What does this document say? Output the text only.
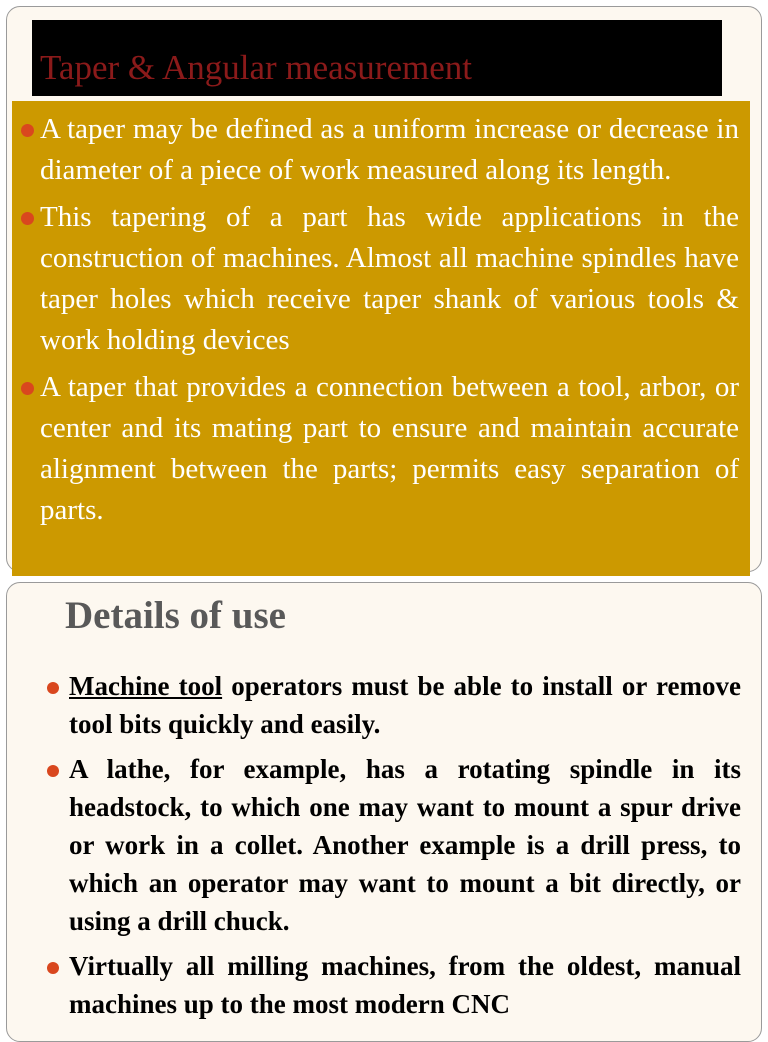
Taper & Angular measurement
A taper may be defined as a uniform increase or decrease in diameter of a piece of work measured along its length.
This tapering of a part has wide applications in the construction of machines. Almost all machine spindles have taper holes which receive taper shank of various tools & work holding devices
A taper that provides a connection between a tool, arbor, or center and its mating part to ensure and maintain accurate alignment between the parts; permits easy separation of parts.
Details of use
Machine tool operators must be able to install or remove tool bits quickly and easily.
A lathe, for example, has a rotating spindle in its headstock, to which one may want to mount a spur drive or work in a collet. Another example is a drill press, to which an operator may want to mount a bit directly, or using a drill chuck.
Virtually all milling machines, from the oldest, manual machines up to the most modern CNC
